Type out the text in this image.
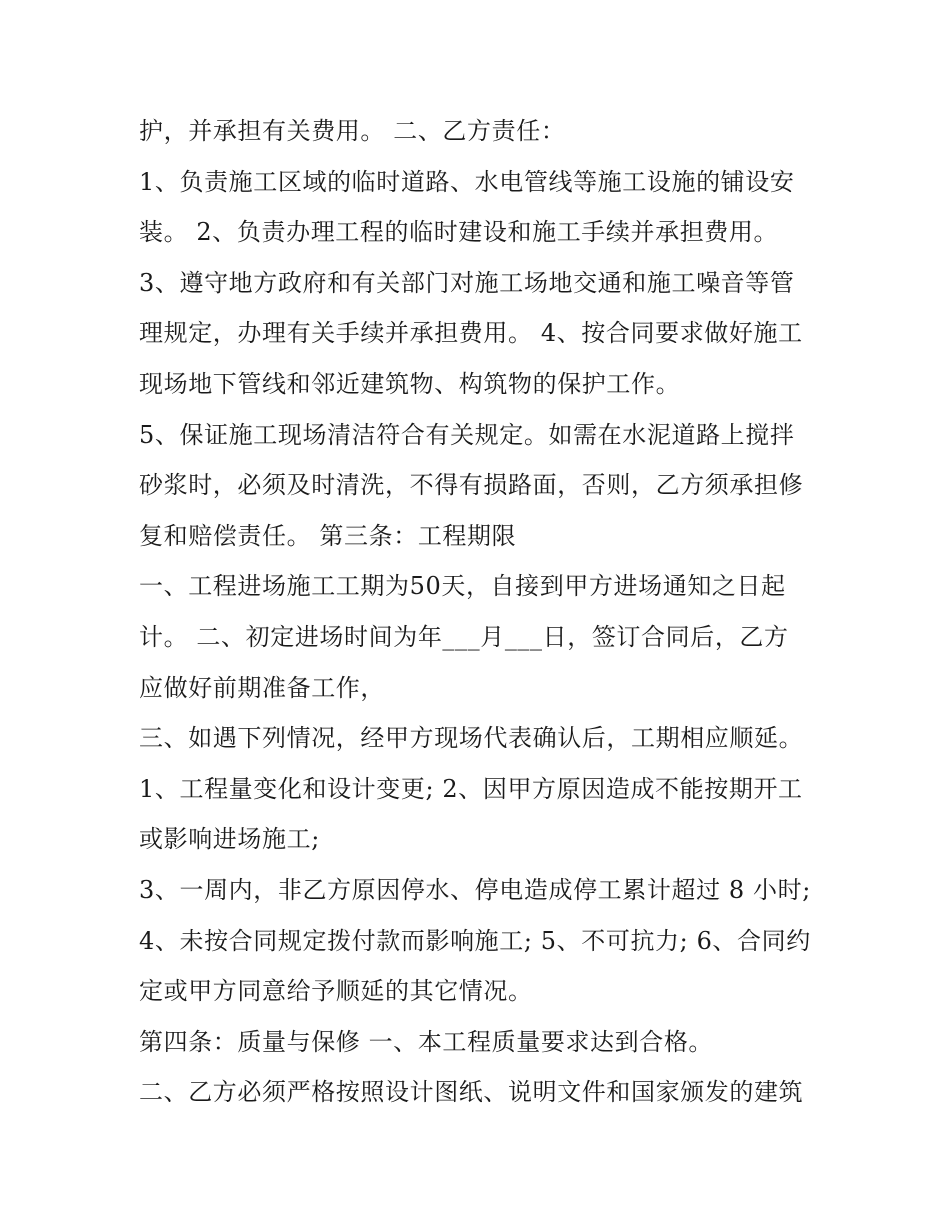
护，并承担有关费用。 二、乙方责任：
1、负责施工区域的临时道路、水电管线等施工设施的铺设安
装。 2、负责办理工程的临时建设和施工手续并承担费用。
3、遵守地方政府和有关部门对施工场地交通和施工噪音等管
理规定，办理有关手续并承担费用。 4、按合同要求做好施工
现场地下管线和邻近建筑物、构筑物的保护工作。
5、保证施工现场清洁符合有关规定。如需在水泥道路上搅拌
砂浆时，必须及时清洗，不得有损路面，否则，乙方须承担修
复和赔偿责任。 第三条：工程期限
一、工程进场施工工期为50天，自接到甲方进场通知之日起
计。 二、初定进场时间为年___月___日，签订合同后，乙方
应做好前期准备工作，
三、如遇下列情况，经甲方现场代表确认后，工期相应顺延。
1、工程量变化和设计变更; 2、因甲方原因造成不能按期开工
或影响进场施工;
3、一周内，非乙方原因停水、停电造成停工累计超过 8 小时;
4、未按合同规定拨付款而影响施工; 5、不可抗力; 6、合同约
定或甲方同意给予顺延的其它情况。
第四条：质量与保修 一、本工程质量要求达到合格。
二、乙方必须严格按照设计图纸、说明文件和国家颁发的建筑
